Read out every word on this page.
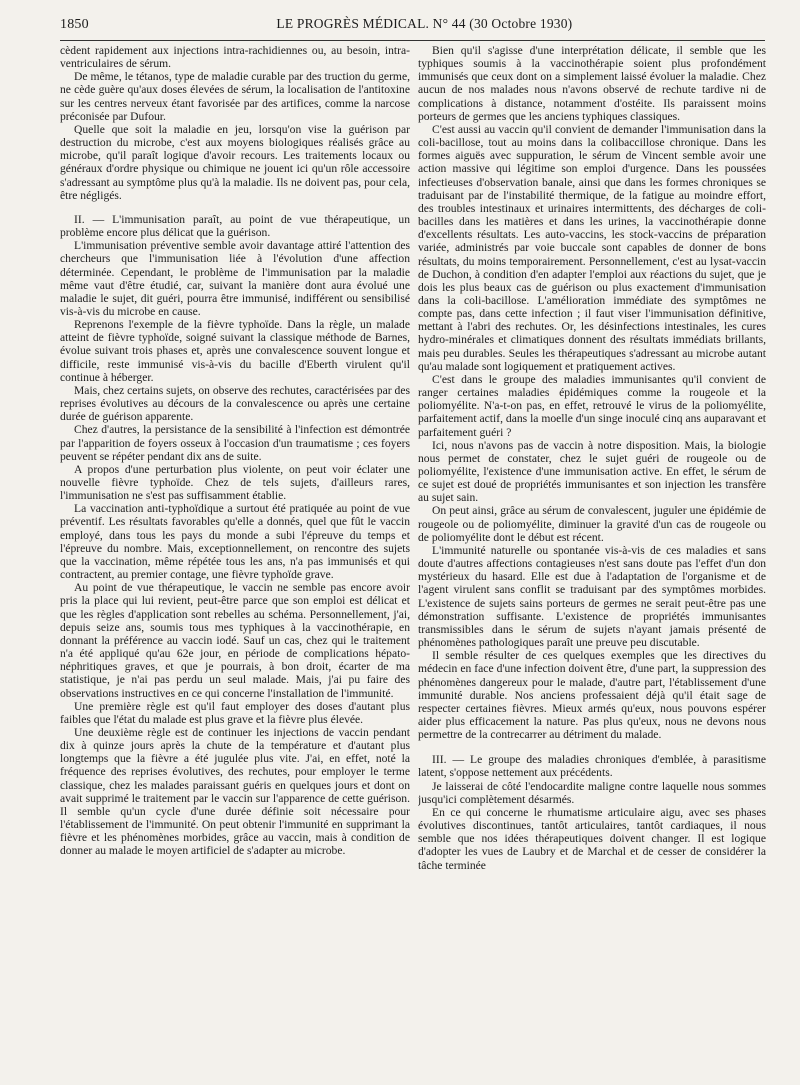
1850	LE PROGRÈS MÉDICAL. N° 44 (30 Octobre 1930)

cèdent rapidement aux injections intra-rachidiennes ou, au besoin, intra-ventriculaires de sérum.

De même, le tétanos, type de maladie curable par des truction du germe, ne cède guère qu'aux doses élevées de sérum, la localisation de l'antitoxine sur les centres nerveux étant favorisée par des artifices, comme la narcose préconisée par Dufour.

Quelle que soit la maladie en jeu, lorsqu'on vise la guérison par destruction du microbe, c'est aux moyens biologiques réalisés grâce au microbe, qu'il paraît logique d'avoir recours. Les traitements locaux ou généraux d'ordre physique ou chimique ne jouent ici qu'un rôle accessoire s'adressant au symptôme plus qu'à la maladie. Ils ne doivent pas, pour cela, être négligés.

II. — L'immunisation paraît, au point de vue thérapeutique, un problème encore plus délicat que la guérison.

L'immunisation préventive semble avoir davantage attiré l'attention des chercheurs que l'immunisation liée à l'évolution d'une affection déterminée. Cependant, le problème de l'immunisation par la maladie même vaut d'être étudié, car, suivant la manière dont aura évolué une maladie le sujet, dit guéri, pourra être immunisé, indifférent ou sensibilisé vis-à-vis du microbe en cause.

Reprenons l'exemple de la fièvre typhoïde. Dans la règle, un malade atteint de fièvre typhoïde, soigné suivant la classique méthode de Barnes, évolue suivant trois phases et, après une convalescence souvent longue et difficile, reste immunisé vis-à-vis du bacille d'Eberth virulent qu'il continue à héberger.

Mais, chez certains sujets, on observe des rechutes, caractérisées par des reprises évolutives au décours de la convalescence ou après une certaine durée de guérison apparente.

Chez d'autres, la persistance de la sensibilité à l'infection est démontrée par l'apparition de foyers osseux à l'occasion d'un traumatisme ; ces foyers peuvent se répéter pendant dix ans de suite.

A propos d'une perturbation plus violente, on peut voir éclater une nouvelle fièvre typhoïde. Chez de tels sujets, d'ailleurs rares, l'immunisation ne s'est pas suffisamment établie.

La vaccination anti-typhoïdique a surtout été pratiquée au point de vue préventif. Les résultats favorables qu'elle a donnés, quel que fût le vaccin employé, dans tous les pays du monde a subi l'épreuve du temps et l'épreuve du nombre. Mais, exceptionnellement, on rencontre des sujets que la vaccination, même répétée tous les ans, n'a pas immunisés et qui contractent, au premier contage, une fièvre typhoïde grave.

Au point de vue thérapeutique, le vaccin ne semble pas encore avoir pris la place qui lui revient, peut-être parce que son emploi est délicat et que les règles d'application sont rebelles au schéma. Personnellement, j'ai, depuis seize ans, soumis tous mes typhiques à la vaccinothérapie, en donnant la préférence au vaccin iodé. Sauf un cas, chez qui le traitement n'a été appliqué qu'au 62e jour, en période de complications hépato-néphritiques graves, et que je pourrais, à bon droit, écarter de ma statistique, je n'ai pas perdu un seul malade. Mais, j'ai pu faire des observations instructives en ce qui concerne l'installation de l'immunité.

Une première règle est qu'il faut employer des doses d'autant plus faibles que l'état du malade est plus grave et la fièvre plus élevée.

Une deuxième règle est de continuer les injections de vaccin pendant dix à quinze jours après la chute de la température et d'autant plus longtemps que la fièvre a été jugulée plus vite. J'ai, en effet, noté la fréquence des reprises évolutives, des rechutes, pour employer le terme classique, chez les malades paraissant guéris en quelques jours et dont on avait supprimé le traitement par le vaccin sur l'apparence de cette guérison. Il semble qu'un cycle d'une durée définie soit nécessaire pour l'établissement de l'immunité. On peut obtenir l'immunité en supprimant la fièvre et les phénomènes morbides, grâce au vaccin, mais à condition de donner au malade le moyen artificiel de s'adapter au microbe.

Bien qu'il s'agisse d'une interprétation délicate, il semble que les typhiques soumis à la vaccinothérapie soient plus profondément immunisés que ceux dont on a simplement laissé évoluer la maladie. Chez aucun de nos malades nous n'avons observé de rechute tardive ni de complications à distance, notamment d'ostéite. Ils paraissent moins porteurs de germes que les anciens typhiques classiques.

C'est aussi au vaccin qu'il convient de demander l'immunisation dans la coli-bacillose, tout au moins dans la colibaccillose chronique. Dans les formes aiguës avec suppuration, le sérum de Vincent semble avoir une action massive qui légitime son emploi d'urgence. Dans les poussées infectieuses d'observation banale, ainsi que dans les formes chroniques se traduisant par de l'instabilité thermique, de la fatigue au moindre effort, des troubles intestinaux et urinaires intermittents, des décharges de coli-bacilles dans les matières et dans les urines, la vaccinothérapie donne d'excellents résultats. Les auto-vaccins, les stock-vaccins de préparation variée, administrés par voie buccale sont capables de donner de bons résultats, du moins temporairement. Personnellement, c'est au lysat-vaccin de Duchon, à condition d'en adapter l'emploi aux réactions du sujet, que je dois les plus beaux cas de guérison ou plus exactement d'immunisation dans la coli-bacillose. L'amélioration immédiate des symptômes ne compte pas, dans cette infection ; il faut viser l'immunisation définitive, mettant à l'abri des rechutes. Or, les désinfections intestinales, les cures hydro-minérales et climatiques donnent des résultats immédiats brillants, mais peu durables. Seules les thérapeutiques s'adressant au microbe autant qu'au malade sont logiquement et pratiquement actives.

C'est dans le groupe des maladies immunisantes qu'il convient de ranger certaines maladies épidémiques comme la rougeole et la poliomyélite. N'a-t-on pas, en effet, retrouvé le virus de la poliomyélite, parfaitement actif, dans la moelle d'un singe inoculé cinq ans auparavant et parfaitement guéri ?

Ici, nous n'avons pas de vaccin à notre disposition. Mais, la biologie nous permet de constater, chez le sujet guéri de rougeole ou de poliomyélite, l'existence d'une immunisation active. En effet, le sérum de ce sujet est doué de propriétés immunisantes et son injection les transfère au sujet sain.

On peut ainsi, grâce au sérum de convalescent, juguler une épidémie de rougeole ou de poliomyélite, diminuer la gravité d'un cas de rougeole ou de poliomyélite dont le début est récent.

L'immunité naturelle ou spontanée vis-à-vis de ces maladies et sans doute d'autres affections contagieuses n'est sans doute pas l'effet d'un don mystérieux du hasard. Elle est due à l'adaptation de l'organisme et de l'agent virulent sans conflit se traduisant par des symptômes morbides. L'existence de sujets sains porteurs de germes ne serait peut-être pas une démonstration suffisante. L'existence de propriétés immunisantes transmissibles dans le sérum de sujets n'ayant jamais présenté de phénomènes pathologiques paraît une preuve peu discutable.

Il semble résulter de ces quelques exemples que les directives du médecin en face d'une infection doivent être, d'une part, la suppression des phénomènes dangereux pour le malade, d'autre part, l'établissement d'une immunité durable. Nos anciens professaient déjà qu'il était sage de respecter certaines fièvres. Mieux armés qu'eux, nous pouvons espérer aider plus efficacement la nature. Pas plus qu'eux, nous ne devons nous permettre de la contrecarrer au détriment du malade.

III. — Le groupe des maladies chroniques d'emblée, à parasitisme latent, s'oppose nettement aux précédents.

Je laisserai de côté l'endocardite maligne contre laquelle nous sommes jusqu'ici complètement désarmés.

En ce qui concerne le rhumatisme articulaire aigu, avec ses phases évolutives discontinues, tantôt articulaires, tantôt cardiaques, il nous semble que nos idées thérapeutiques doivent changer. Il est logique d'adopter les vues de Laubry et de Marchal et de cesser de considérer la tâche terminée
